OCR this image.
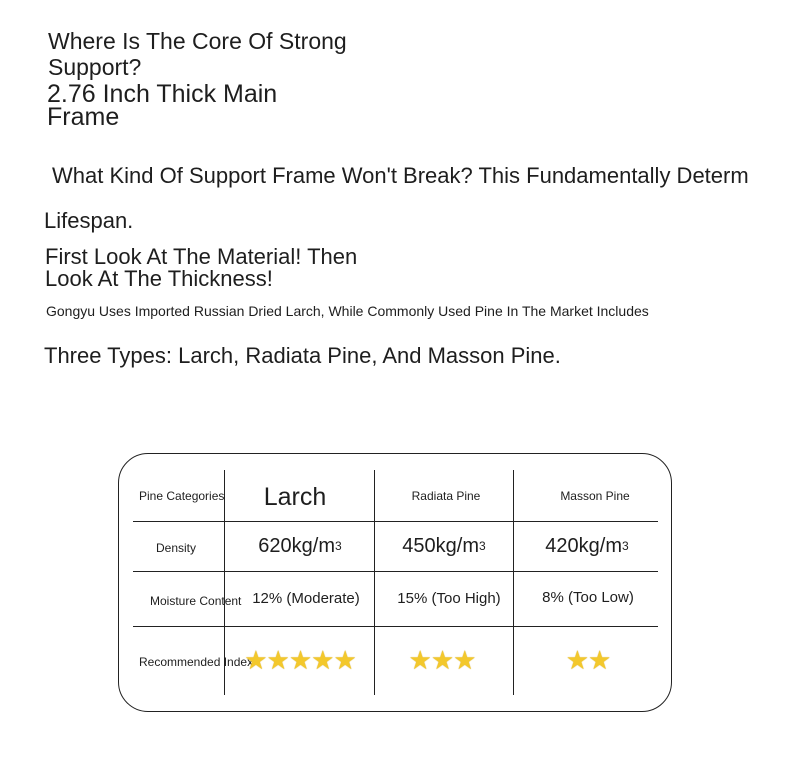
Where Is The Core Of Strong Support?
2.76 Inch Thick Main Frame
What Kind Of Support Frame Won't Break? This Fundamentally Determ
Lifespan.
First Look At The Material! Then Look At The Thickness!
Gongyu Uses Imported Russian Dried Larch, While Commonly Used Pine In The Market Includes
Three Types: Larch, Radiata Pine, And Masson Pine.
Pine Categories
Density
Moisture Content
Recommended Index
Larch
620kg/m 3
12% (Moderate)
★★★★★
Radiata Pine
450kg/m 3
15% (Too High)
★★★
Masson Pine
420kg/m 3
8% (Too Low)
★★
